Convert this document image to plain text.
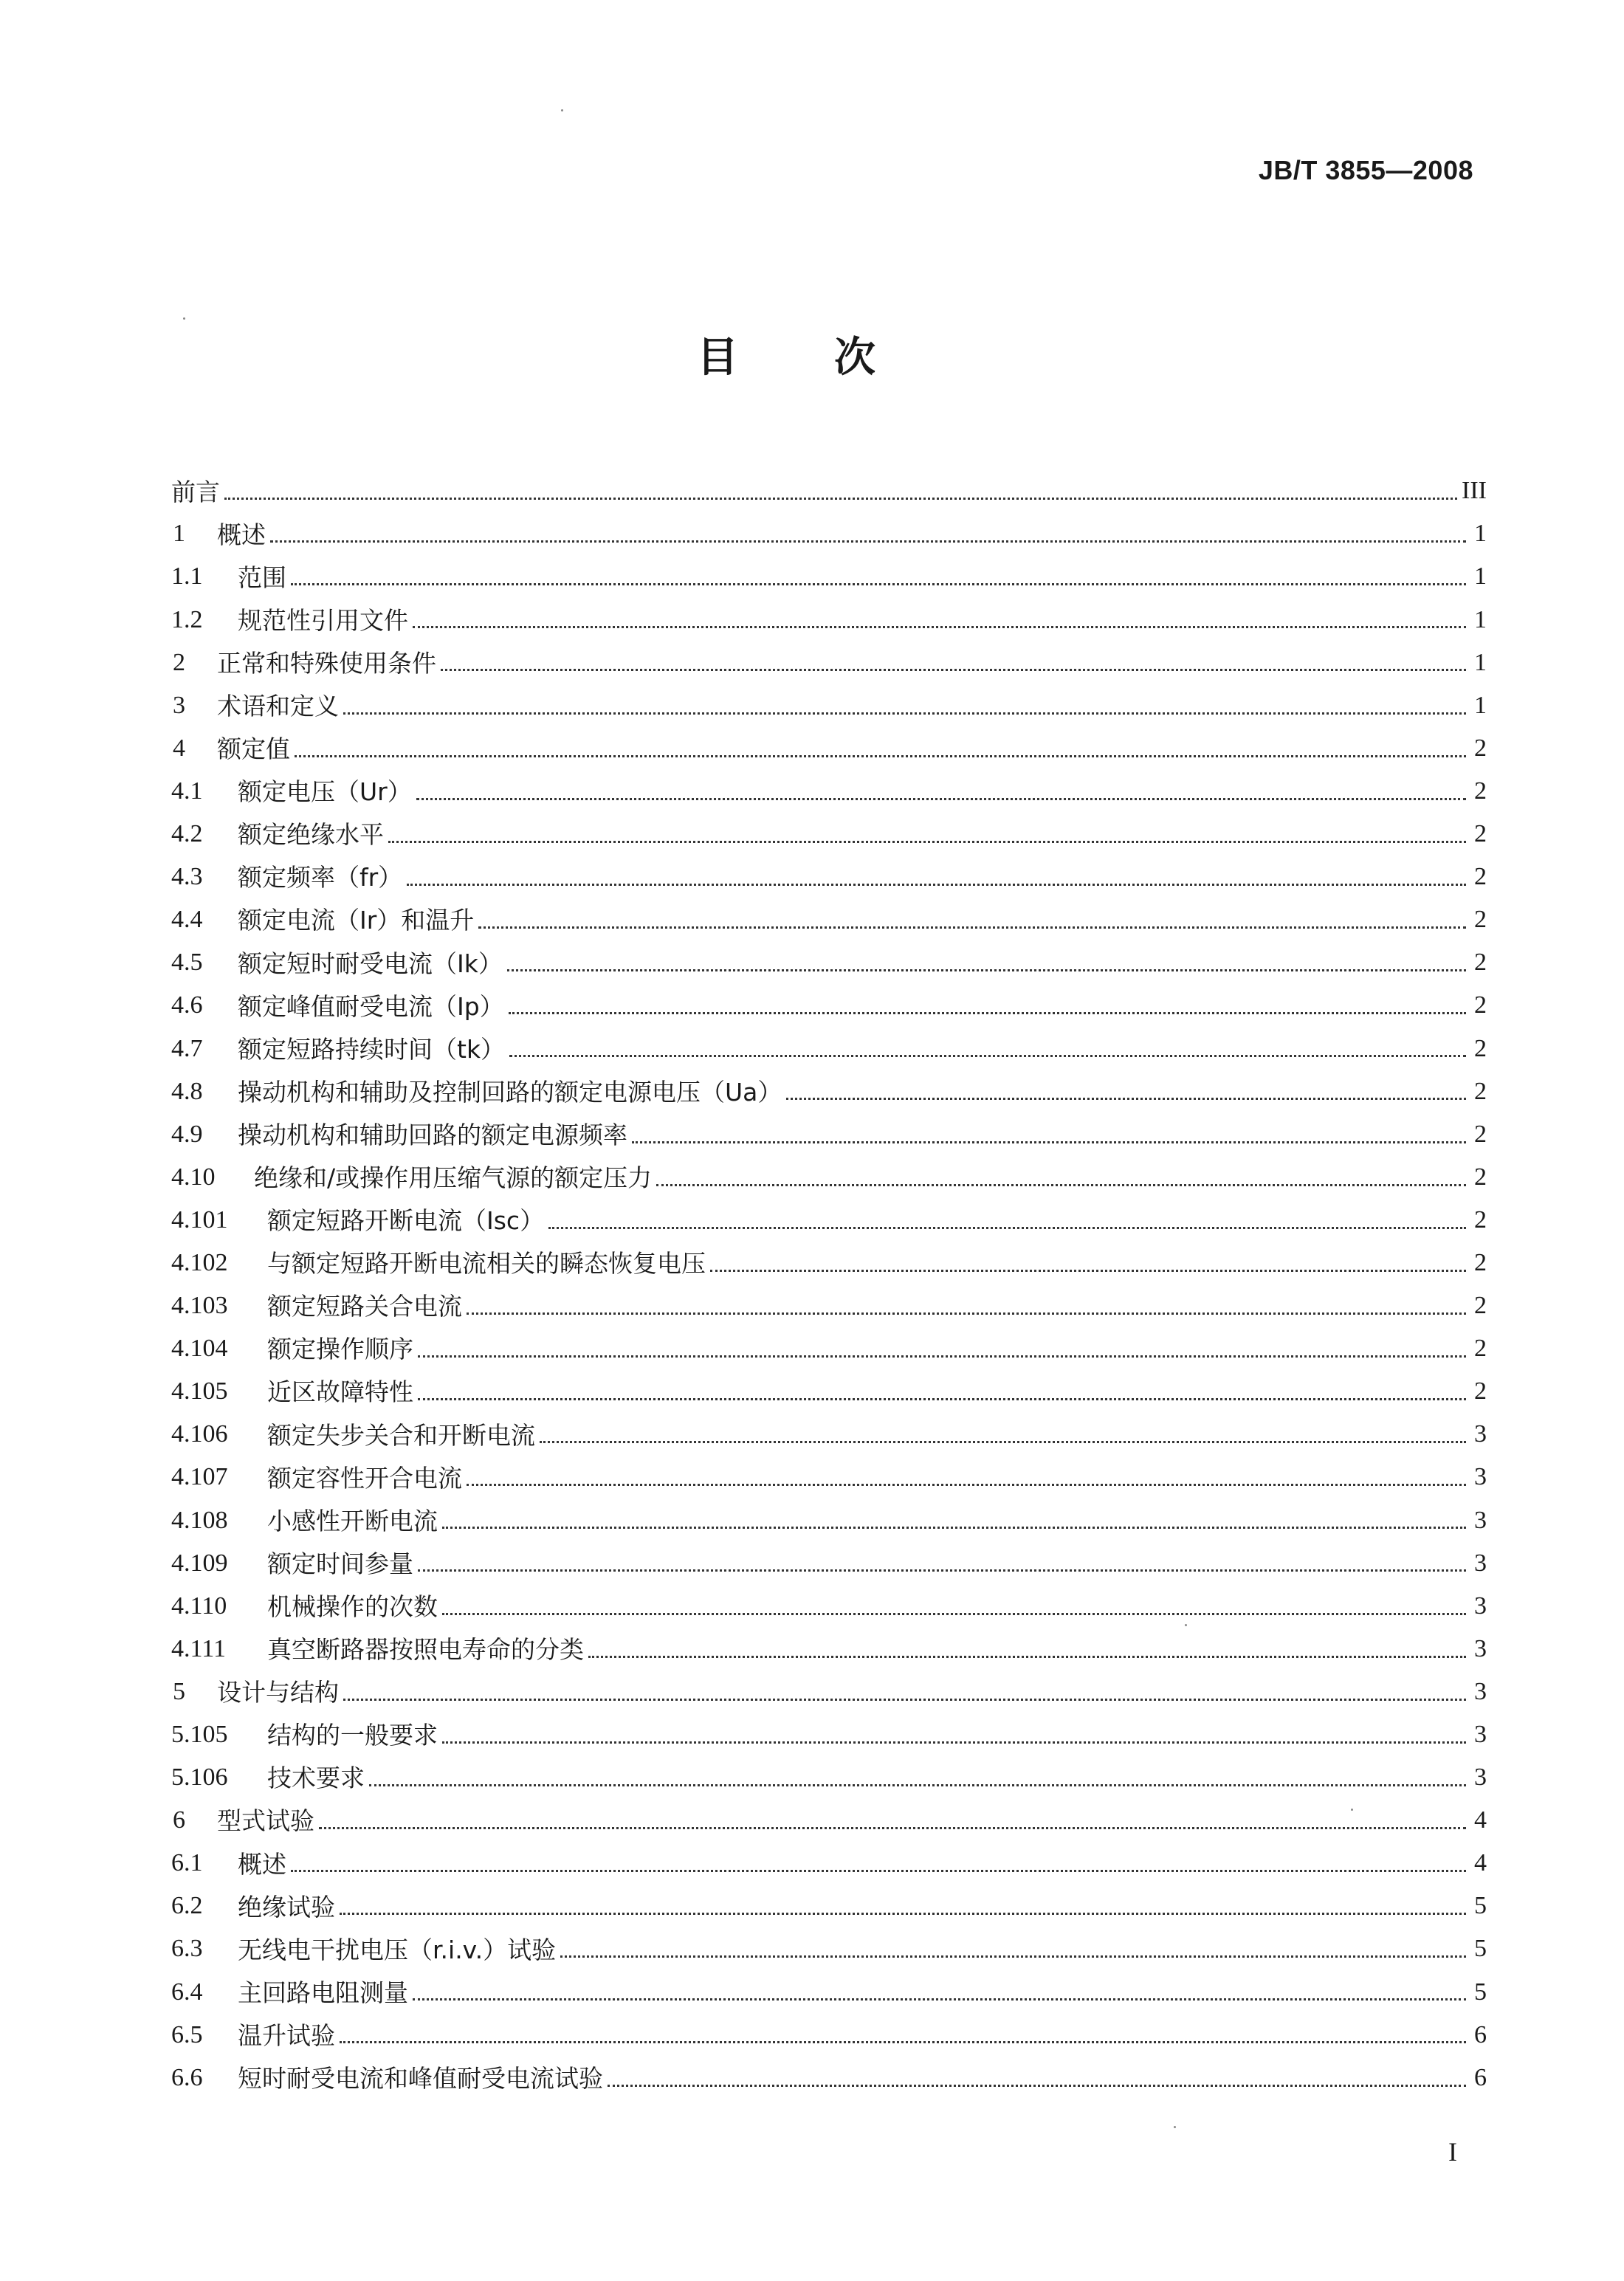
JB/T 3855—2008
目次
前言	III
1	概述	1
1.1	范围	1
1.2	规范性引用文件	1
2	正常和特殊使用条件	1
3	术语和定义	1
4	额定值	2
4.1	额定电压（Ur）	2
4.2	额定绝缘水平	2
4.3	额定频率（fr）	2
4.4	额定电流（Ir）和温升	2
4.5	额定短时耐受电流（Ik）	2
4.6	额定峰值耐受电流（Ip）	2
4.7	额定短路持续时间（tk）	2
4.8	操动机构和辅助及控制回路的额定电源电压（Ua）	2
4.9	操动机构和辅助回路的额定电源频率	2
4.10	绝缘和/或操作用压缩气源的额定压力	2
4.101	额定短路开断电流（Isc）	2
4.102	与额定短路开断电流相关的瞬态恢复电压	2
4.103	额定短路关合电流	2
4.104	额定操作顺序	2
4.105	近区故障特性	2
4.106	额定失步关合和开断电流	3
4.107	额定容性开合电流	3
4.108	小感性开断电流	3
4.109	额定时间参量	3
4.110	机械操作的次数	3
4.111	真空断路器按照电寿命的分类	3
5	设计与结构	3
5.105	结构的一般要求	3
5.106	技术要求	3
6	型式试验	4
6.1	概述	4
6.2	绝缘试验	5
6.3	无线电干扰电压（r.i.v.）试验	5
6.4	主回路电阻测量	5
6.5	温升试验	6
6.6	短时耐受电流和峰值耐受电流试验	6
I
